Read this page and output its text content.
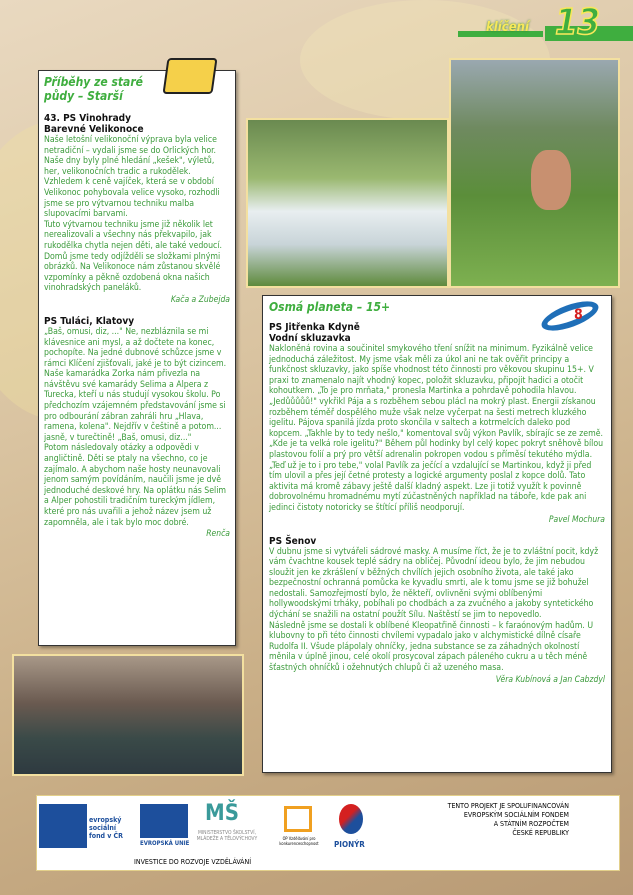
klíčení 13
Příběhy ze staré půdy – Starší
43. PS Vinohrady
Barevné Velikonoce
Naše letošní velikonoční výprava byla velice netradiční – vydali jsme se do Orlických hor. Naše dny byly plné hledání „kešek", výletů, her, velikonočních tradic a rukodělek. Vzhledem k ceně vajíček, která se v období Velikonoc pohybovala velice vysoko, rozhodli jsme se pro výtvarnou techniku malba slupovacími barvami.
Tuto výtvarnou techniku jsme již několik let nerealizovali a všechny nás překvapilo, jak rukodělka chytla nejen děti, ale také vedoucí. Domů jsme tedy odjížděli se složkami plnými obrázků. Na Velikonoce nám zůstanou skvělé vzpomínky a pěkně ozdobená okna našich vinohradských paneláků.
Kača a Zubejda
PS Tuláci, Klatovy
„Baš, omusi, diz, ..." Ne, nezbláznila se mi klávesnice ani mysl, a až dočtete na konec, pochopíte. Na jedné dubnové schůzce jsme v rámci Klíčení zjišťovali, jaké je to být cizincem.
Naše kamarádka Zorka nám přivezla na návštěvu své kamarády Selima a Alpera z Turecka, kteří u nás studují vysokou školu. Po předchozím vzájemném představování jsme si pro odbourání zábran zahráli hru „Hlava, ramena, kolena". Nejdřív v češtině a potom... jasně, v turečtině! „Baš, omusi, diz..."
Potom následovaly otázky a odpovědi v angličtině. Děti se ptaly na všechno, co je zajímalo. A abychom naše hosty neunavovali jenom samým povídáním, naučili jsme je dvě jednoduché deskové hry. Na oplátku nás Selim a Alper pohostili tradičním tureckým jídlem, které pro nás uvařili a jehož název jsem už zapomněla, ale i tak bylo moc dobré.
Renča
Osmá planeta – 15+
PS Jitřenka Kdyně
Vodní skluzavka
Nakloněná rovina a součinitel smykového tření snížit na minimum. Fyzikálně velice jednoduchá záležitost. My jsme však měli za úkol ani ne tak ověřit principy a funkčnost skluzavky, jako spíše vhodnost této činnosti pro věkovou skupinu 15+. V praxi to znamenalo najít vhodný kopec, položit skluzavku, připojit hadici a otočit kohoutkem. „To je pro mrňata," pronesla Martinka a pohrdavě pohodila hlavou. „Jedůůůůů!" vykřikl Pája a s rozběhem sebou plácl na mokrý plast. Energii získanou rozběhem téměř dospělého muže však nelze vyčerpat na šesti metrech kluzkého igelitu. Pájova spanilá jízda proto skončila v saltech a kotrmelcích daleko pod kopcem. „Takhle by to tedy nešlo," komentoval svůj výkon Pavlík, sbírajíc se ze země. „Kde je ta velká role igelitu?" Během půl hodinky byl celý kopec pokryt sněhově bílou plastovou folií a prý pro větší adrenalin pokropen vodou s příměsí tekutého mýdla. „Teď už je to i pro tebe," volal Pavlík za ječící a vzdalující se Martinkou, když ji před tím ulovil a přes její četné protesty a logické argumenty poslal z kopce dolů. Tato aktivita má kromě zábavy ještě další kladný aspekt. Lze ji totiž využít k povinně dobrovolnému hromadnému mytí zúčastněných například na táboře, kde pak ani jedinci čistoty notoricky se štítící příliš neodporují.
Pavel Mochura
PS Šenov
V dubnu jsme si vytvářeli sádrové masky. A musíme říct, že je to zvláštní pocit, když vám čvachtne kousek teplé sádry na obličej. Původní ideou bylo, že jim nebudou sloužit jen ke zkrášlení v běžných chvílích jejich osobního života, ale také jako bezpečnostní ochranná pomůcka ke kyvadlu smrti, ale k tomu jsme se již bohužel nedostali. Samozřejmostí bylo, že někteří, ovlivněni svými oblíbenými hollywoodskými trháky, pobíhali po chodbách a za zvučného a jakoby syntetického dýchání se snažili na ostatní použít Sílu. Naštěstí se jim to nepovedlo.
Následně jsme se dostali k oblíbené Kleopatřině činnosti – k faraónovým hadům. U klubovny to při této činnosti chvílemi vypadalo jako v alchymistické dílně císaře Rudolfa II. Všude plápolaly ohníčky, jedna substance se za záhadných okolností měnila v úplně jinou, celé okolí prosycoval zápach páleného cukru a u těch méně šťastných ohníčků i ožehnutých chlupů či až uzeného masa.
Věra Kubínová a Jan Cabzdyl
8
evropský sociální fond v ČR
EVROPSKÁ UNIE
MŠ
MINISTERSTVO ŠKOLSTVÍ, MLÁDEŽE A TĚLOVÝCHOVY	OP Vzdělávání pro konkurenceschopnost	PIONÝR
INVESTICE DO ROZVOJE VZDĚLÁVÁNÍ
TENTO PROJEKT JE SPOLUFINANCOVÁN
EVROPSKÝM SOCIÁLNÍM FONDEM
A STÁTNÍM ROZPOČTEM
ČESKÉ REPUBLIKY
